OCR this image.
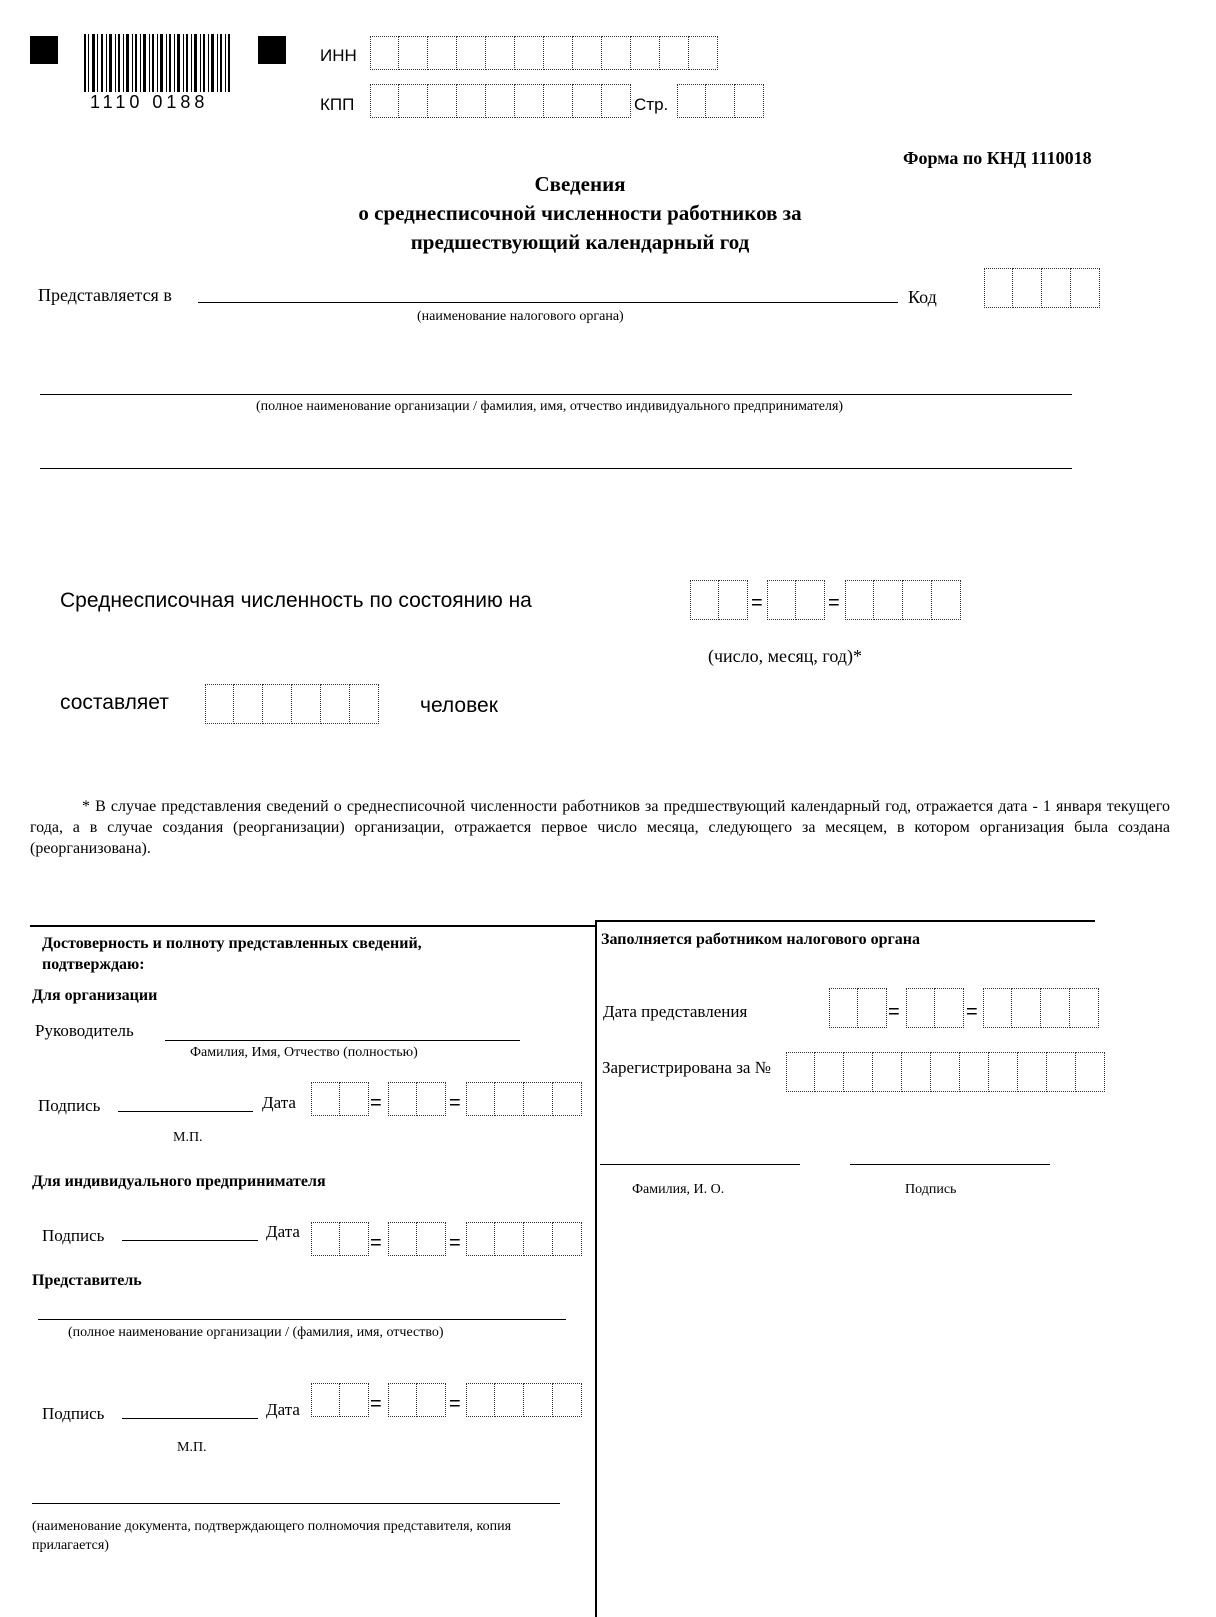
1110 0188
ИНН
КПП	Стр.
Форма по КНД 1110018
Сведения
о среднесписочной численности работников за
предшествующий календарный год
Представляется в
(наименование налогового органа)
Код
(полное наименование организации / фамилия, имя, отчество индивидуального предпринимателя)
Среднесписочная численность по состоянию на	=	=
(число, месяц, год)*
составляет	человек
* В случае представления сведений о среднесписочной численности работников за предшествующий календарный год, отражается дата - 1 января текущего года, а в случае создания (реорганизации) организации, отражается первое число месяца, следующего за месяцем, в котором организация была создана (реорганизована).
Достоверность и полноту представленных сведений, подтверждаю:
Для организации
Руководитель
Фамилия, Имя, Отчество (полностью)
Подпись	Дата	=	=
М.П.
Для индивидуального предпринимателя
Подпись	Дата
=	=
Представитель
(полное наименование организации / (фамилия, имя, отчество)
Подпись	Дата	=	=
М.П.
(наименование документа, подтверждающего полномочия представителя, копия прилагается)
Заполняется работником налогового органа
Дата представления	=	=
Зарегистрирована за №
Фамилия, И. О.	Подпись
